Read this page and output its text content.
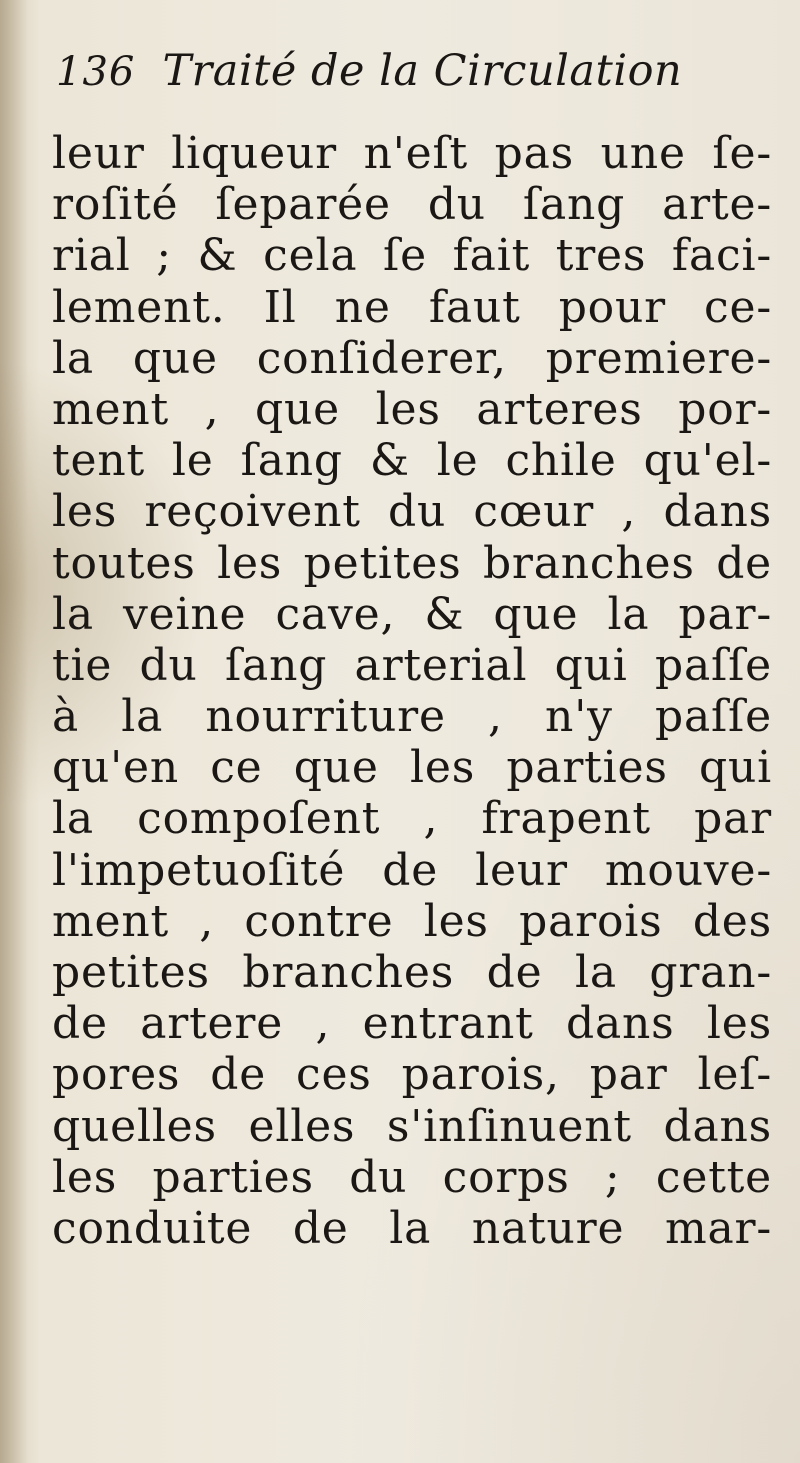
136 Traité de la Circulation
leur liqueur n'eſt pas une ſe-
roſité ſeparée du ſang arte-
rial ; & cela ſe fait tres faci-
lement. Il ne faut pour ce-
la que conſiderer, premiere-
ment , que les arteres por-
tent le ſang & le chile qu'el-
les reçoivent du cœur , dans
toutes les petites branches de
la veine cave, & que la par-
tie du ſang arterial qui paſſe
à la nourriture , n'y paſſe
qu'en ce que les parties qui
la compoſent , frapent par
l'impetuoſité de leur mouve-
ment , contre les parois des
petites branches de la gran-
de artere , entrant dans les
pores de ces parois, par leſ-
quelles elles s'inſinuent dans
les parties du corps ; cette
conduite de la nature mar-
